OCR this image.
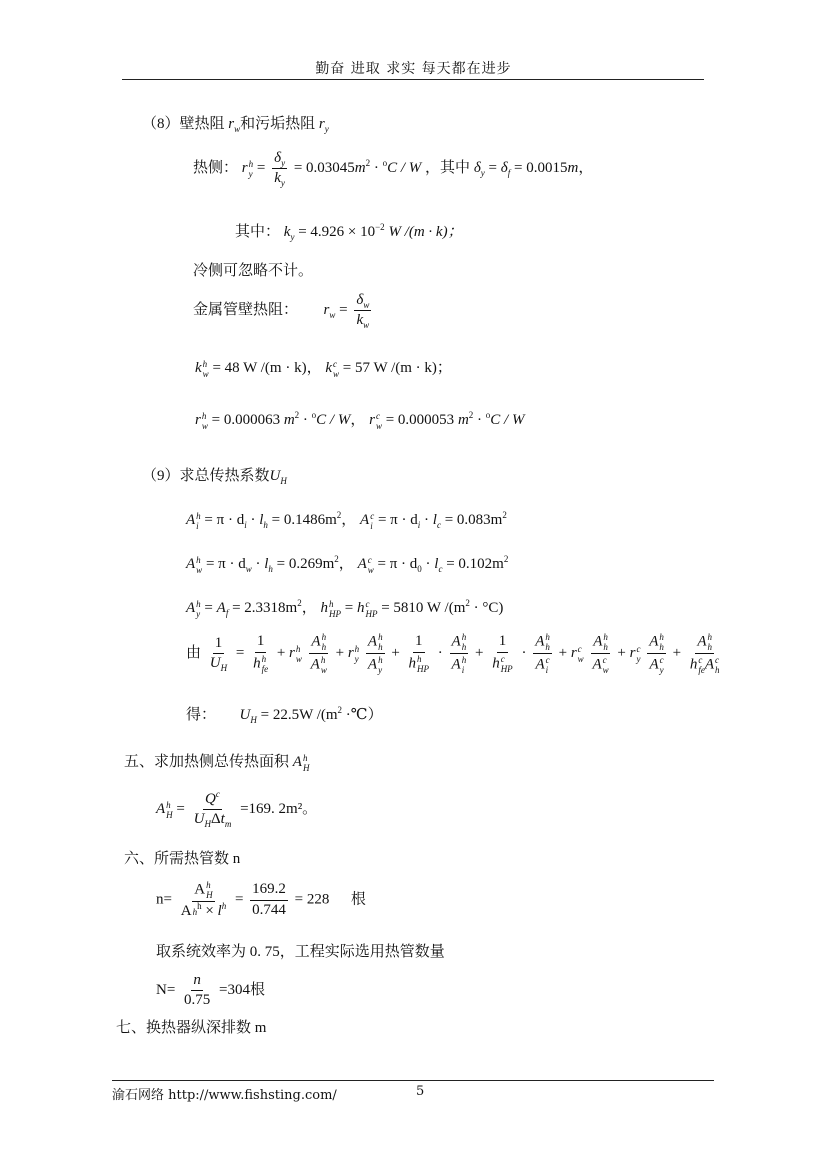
勤奋 进取 求实 每天都在进步
（8）壁热阻 $r_w$和污垢热阻 $r_y$
热侧： r h
$y = \frac{\delta_y}{k_y} = 0.03045m^2 \cdot ^oC / W$ ，其中 $\delta_y = \delta_f = 0.0015m$，
其中： $k_y = 4.926 \times 10^{-2}$ W /(m · k)；
冷侧可忽略不计。
金属管壁热阻： $r_w = \frac{\delta_w}{k_w}$
k h
w = 48 W /(m · k)， k c
w = 57 W /(m · k)；
r h
w = 0.000063 $m^2 \cdot ^oC / W$， r c
w = 0.000053 $m^2 \cdot ^oC / W$
（9）求总传热系数$U_H$
A h
$i = \pi \cdot d_i \cdot l_h = 0.1486m^2$， A c
$i = \pi \cdot d_i \cdot l_c = 0.083m^2$
A h
$w = \pi \cdot d_w \cdot l_h = 0.269m^2$， A c
$w = \pi \cdot d_0 \cdot l_c = 0.102m^2$
A h
$y = A_f = 2.3318m^2$， h h
HP = h c
HP = 5810 W $/(m^2 \cdot ^\circ C)$
由 $\frac{1}{U_H} = 1$
h h
fe + r h
w
A h
h
A h
w + r h
y
A h
h
A h
y + 1
h h
HP · A h
h
A h
i + 1
h c
HP · A h
h
A c
i + r c
w
A h
h
A c
w + r c
y
A h
h
A c
y + A h
h
h c
fe A c
h
得： $U_H = 22.5W$ $/(m^2$ ·℃）
五、求加热侧总传热面积 A h
H
A h
$H = \frac{Q^c}{U_H\Delta t_m} =169$. 2m²。
六、所需热管数 n
n= A h
H
A h
$^h \times l^h = \frac{169.2}{0.744} = 228$ 根
取系统效率为 0. 75，工程实际选用热管数量
$N= \frac{n}{0.75} =304$根
七、换热器纵深排数 m
渝石网络 http://www.fishsting.com/	5
